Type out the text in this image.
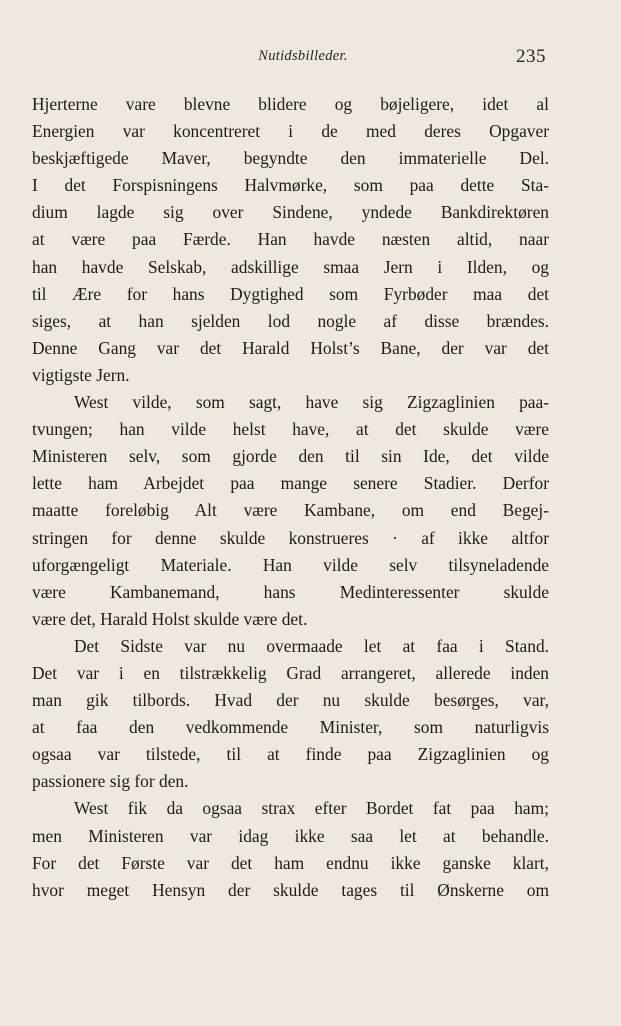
Nutidsbilleder.	235
Hjerterne vare blevne blidere og bøjeligere, idet al
Energien var koncentreret i de med deres Opgaver
beskjæftigede Maver, begyndte den immaterielle Del.
I det Forspisningens Halvmørke, som paa dette Sta-
dium lagde sig over Sindene, yndede Bankdirektøren
at være paa Færde. Han havde næsten altid, naar
han havde Selskab, adskillige smaa Jern i Ilden, og
til Ære for hans Dygtighed som Fyrbøder maa det
siges, at han sjelden lod nogle af disse brændes.
Denne Gang var det Harald Holst’s Bane, der var det
vigtigste Jern.
West vilde, som sagt, have sig Zigzaglinien paa-
tvungen; han vilde helst have, at det skulde være
Ministeren selv, som gjorde den til sin Ide, det vilde
lette ham Arbejdet paa mange senere Stadier. Derfor
maatte foreløbig Alt være Kambane, om end Begej-
stringen for denne skulde konstrueres · af ikke altfor
uforgængeligt Materiale. Han vilde selv tilsyneladende
være Kambanemand, hans Medinteressenter skulde
være det, Harald Holst skulde være det.
Det Sidste var nu overmaade let at faa i Stand.
Det var i en tilstrækkelig Grad arrangeret, allerede inden
man gik tilbords. Hvad der nu skulde besørges, var,
at faa den vedkommende Minister, som naturligvis
ogsaa var tilstede, til at finde paa Zigzaglinien og
passionere sig for den.
West fik da ogsaa strax efter Bordet fat paa ham;
men Ministeren var idag ikke saa let at behandle.
For det Første var det ham endnu ikke ganske klart,
hvor meget Hensyn der skulde tages til Ønskerne om
